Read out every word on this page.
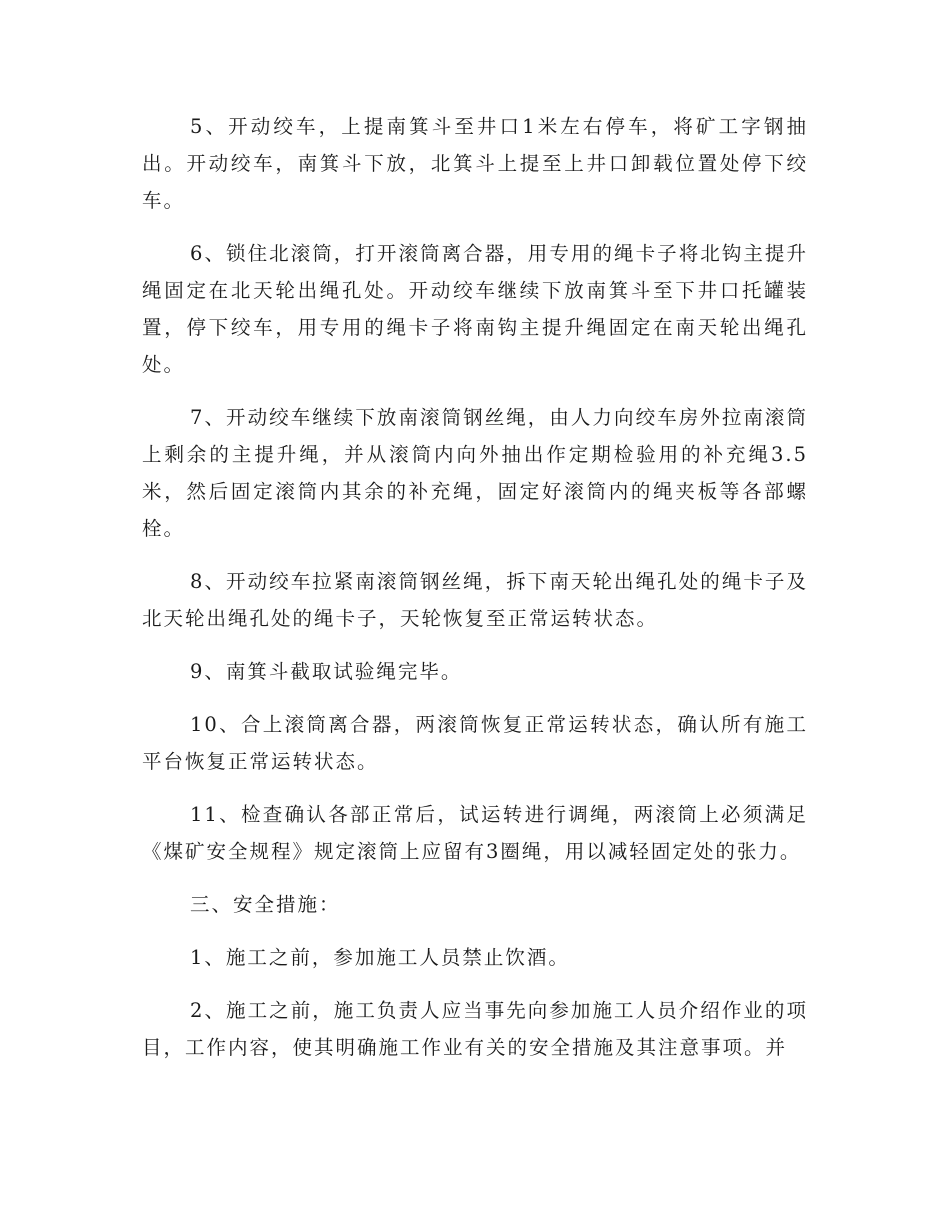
5、开动绞车，上提南箕斗至井口1米左右停车，将矿工字钢抽出。开动绞车，南箕斗下放，北箕斗上提至上井口卸载位置处停下绞车。

6、锁住北滚筒，打开滚筒离合器，用专用的绳卡子将北钩主提升绳固定在北天轮出绳孔处。开动绞车继续下放南箕斗至下井口托罐装置，停下绞车，用专用的绳卡子将南钩主提升绳固定在南天轮出绳孔处。

7、开动绞车继续下放南滚筒钢丝绳，由人力向绞车房外拉南滚筒上剩余的主提升绳，并从滚筒内向外抽出作定期检验用的补充绳3.5米，然后固定滚筒内其余的补充绳，固定好滚筒内的绳夹板等各部螺栓。

8、开动绞车拉紧南滚筒钢丝绳，拆下南天轮出绳孔处的绳卡子及北天轮出绳孔处的绳卡子，天轮恢复至正常运转状态。

9、南箕斗截取试验绳完毕。

10、合上滚筒离合器，两滚筒恢复正常运转状态，确认所有施工平台恢复正常运转状态。

11、检查确认各部正常后，试运转进行调绳，两滚筒上必须满足《煤矿安全规程》规定滚筒上应留有3圈绳，用以减轻固定处的张力。

三、安全措施：

1、施工之前，参加施工人员禁止饮酒。

2、施工之前，施工负责人应当事先向参加施工人员介绍作业的项目，工作内容，使其明确施工作业有关的安全措施及其注意事项。并
